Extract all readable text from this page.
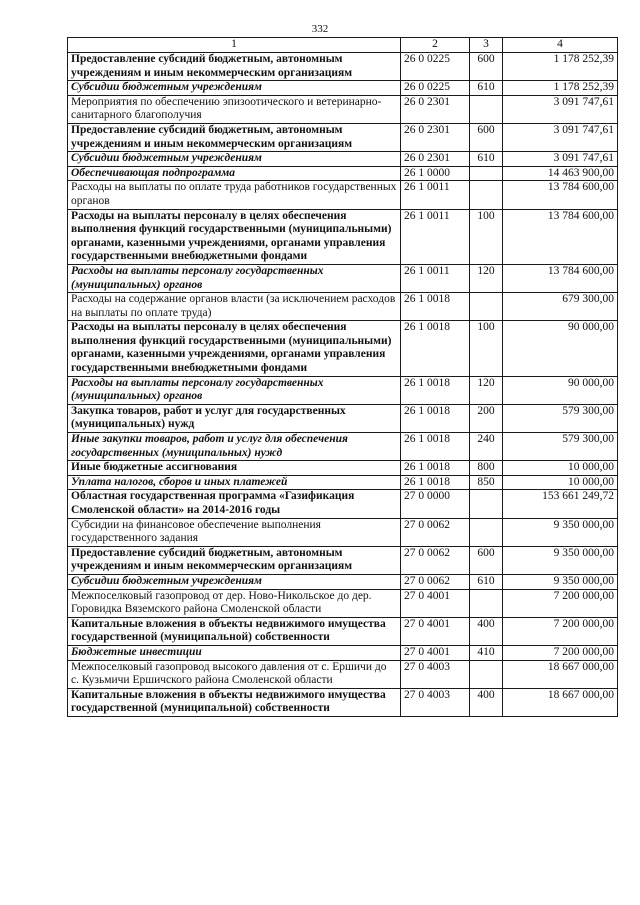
332
1	2	3	4
Предоставление субсидий бюджетным, автономным учреждениям и иным некоммерческим организациям	26 0 0225	600	1 178 252,39
Субсидии бюджетным учреждениям	26 0 0225	610	1 178 252,39
Мероприятия по обеспечению эпизоотического и ветеринарно-санитарного благополучия	26 0 2301		3 091 747,61
Предоставление субсидий бюджетным, автономным учреждениям и иным некоммерческим организациям	26 0 2301	600	3 091 747,61
Субсидии бюджетным учреждениям	26 0 2301	610	3 091 747,61
Обеспечивающая подпрограмма	26 1 0000		14 463 900,00
Расходы на выплаты по оплате труда работников государственных органов	26 1 0011		13 784 600,00
Расходы на выплаты персоналу в целях обеспечения выполнения функций государственными (муниципальными) органами, казенными учреждениями, органами управления государственными внебюджетными фондами	26 1 0011	100	13 784 600,00
Расходы на выплаты персоналу государственных (муниципальных) органов	26 1 0011	120	13 784 600,00
Расходы на содержание органов власти (за исключением расходов на выплаты по оплате труда)	26 1 0018		679 300,00
Расходы на выплаты персоналу в целях обеспечения выполнения функций государственными (муниципальными) органами, казенными учреждениями, органами управления государственными внебюджетными фондами	26 1 0018	100	90 000,00
Расходы на выплаты персоналу государственных (муниципальных) органов	26 1 0018	120	90 000,00
Закупка товаров, работ и услуг для государственных (муниципальных) нужд	26 1 0018	200	579 300,00
Иные закупки товаров, работ и услуг для обеспечения государственных (муниципальных) нужд	26 1 0018	240	579 300,00
Иные бюджетные ассигнования	26 1 0018	800	10 000,00
Уплата налогов, сборов и иных платежей	26 1 0018	850	10 000,00
Областная государственная программа «Газификация Смоленской области» на 2014-2016 годы	27 0 0000		153 661 249,72
Субсидии на финансовое обеспечение выполнения государственного задания	27 0 0062		9 350 000,00
Предоставление субсидий бюджетным, автономным учреждениям и иным некоммерческим организациям	27 0 0062	600	9 350 000,00
Субсидии бюджетным учреждениям	27 0 0062	610	9 350 000,00
Межпоселковый газопровод от дер. Ново-Никольское до дер. Горовидка Вяземского района Смоленской области	27 0 4001		7 200 000,00
Капитальные вложения в объекты недвижимого имущества государственной (муниципальной) собственности	27 0 4001	400	7 200 000,00
Бюджетные инвестиции	27 0 4001	410	7 200 000,00
Межпоселковый газопровод высокого давления от с. Ершичи до с. Кузьмичи Ершичского района Смоленской области	27 0 4003		18 667 000,00
Капитальные вложения в объекты недвижимого имущества государственной (муниципальной) собственности	27 0 4003	400	18 667 000,00
